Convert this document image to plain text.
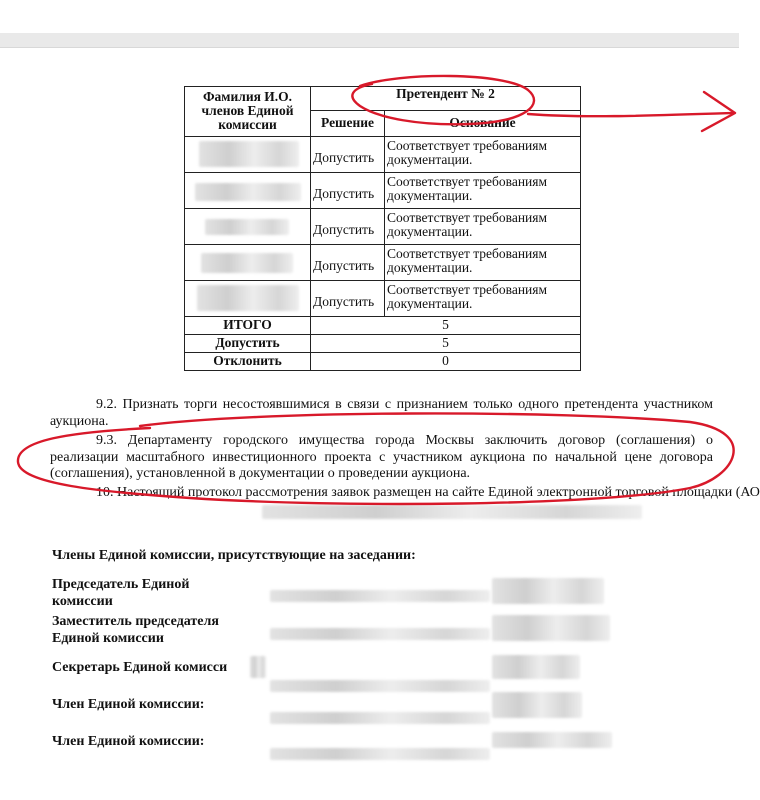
Фамилия И.О. членов Единой комиссии	Претендент № 2	
	Решение	Основание

	Допустить	Соответствует требованиям документации.

	Допустить	Соответствует требованиям документации.

	Допустить	Соответствует требованиям документации.

	Допустить	Соответствует требованиям документации.

	Допустить	Соответствует требованиям документации.
ИТОГО	5	
Допустить	5	
Отклонить	0	
9.2. Признать торги несостоявшимися в связи с признанием только одного претендента участником аукциона.
9.3. Департаменту городского имущества города Москвы заключить договор (соглашения) о реализации масштабного инвестиционного проекта с участником аукциона по начальной цене договора (соглашения), установленной в документации о проведении аукциона.
10. Настоящий протокол рассмотрения заявок размещен на сайте Единой электронной торговой площадки (АО
Члены Единой комиссии, присутствующие на заседании:
Председатель Единой комиссии
Заместитель председателя Единой комиссии
Секретарь Единой комисси
Член Единой комиссии:
Член Единой комиссии:
